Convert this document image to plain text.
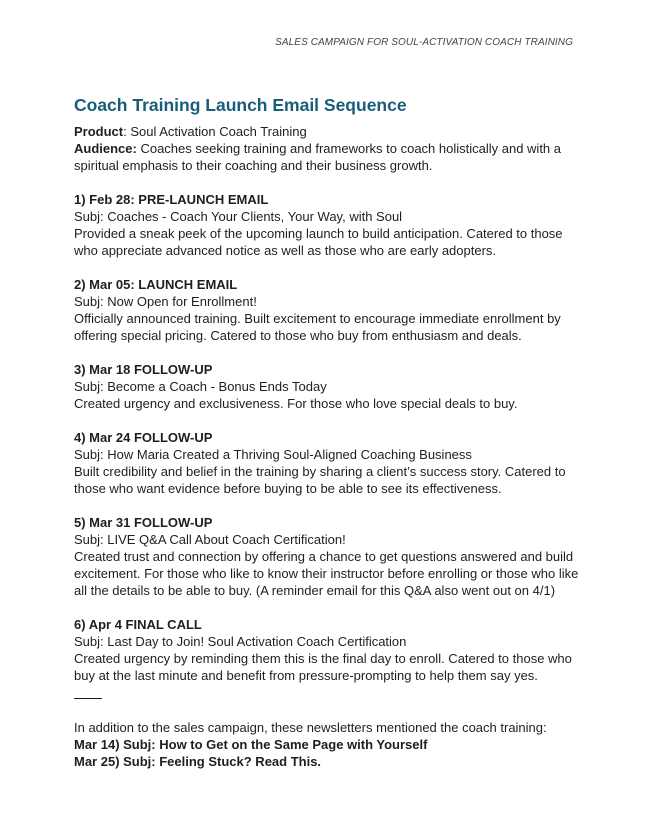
SALES CAMPAIGN FOR SOUL-ACTIVATION COACH TRAINING
Coach Training Launch Email Sequence

Product: Soul Activation Coach Training

Audience: Coaches seeking training and frameworks to coach holistically and with a spiritual emphasis to their coaching and their business growth.

1) Feb 28: PRE-LAUNCH EMAIL

Subj: Coaches - Coach Your Clients, Your Way, with Soul

Provided a sneak peek of the upcoming launch to build anticipation. Catered to those who appreciate advanced notice as well as those who are early adopters.

2) Mar 05: LAUNCH EMAIL

Subj: Now Open for Enrollment!

Officially announced training. Built excitement to encourage immediate enrollment by offering special pricing. Catered to those who buy from enthusiasm and deals.

3) Mar 18 FOLLOW-UP

Subj: Become a Coach - Bonus Ends Today

Created urgency and exclusiveness. For those who love special deals to buy.

4) Mar 24 FOLLOW-UP

Subj: How Maria Created a Thriving Soul-Aligned Coaching Business

Built credibility and belief in the training by sharing a client’s success story. Catered to those who want evidence before buying to be able to see its effectiveness.

5) Mar 31 FOLLOW-UP

Subj: LIVE Q&A Call About Coach Certification!

Created trust and connection by offering a chance to get questions answered and build excitement. For those who like to know their instructor before enrolling or those who like all the details to be able to buy. (A reminder email for this Q&A also went out on 4/1)

6) Apr 4 FINAL CALL

Subj: Last Day to Join! Soul Activation Coach Certification

Created urgency by reminding them this is the final day to enroll. Catered to those who buy at the last minute and benefit from pressure-prompting to help them say yes.

In addition to the sales campaign, these newsletters mentioned the coach training:

Mar 14) Subj: How to Get on the Same Page with Yourself

Mar 25) Subj: Feeling Stuck? Read This.
